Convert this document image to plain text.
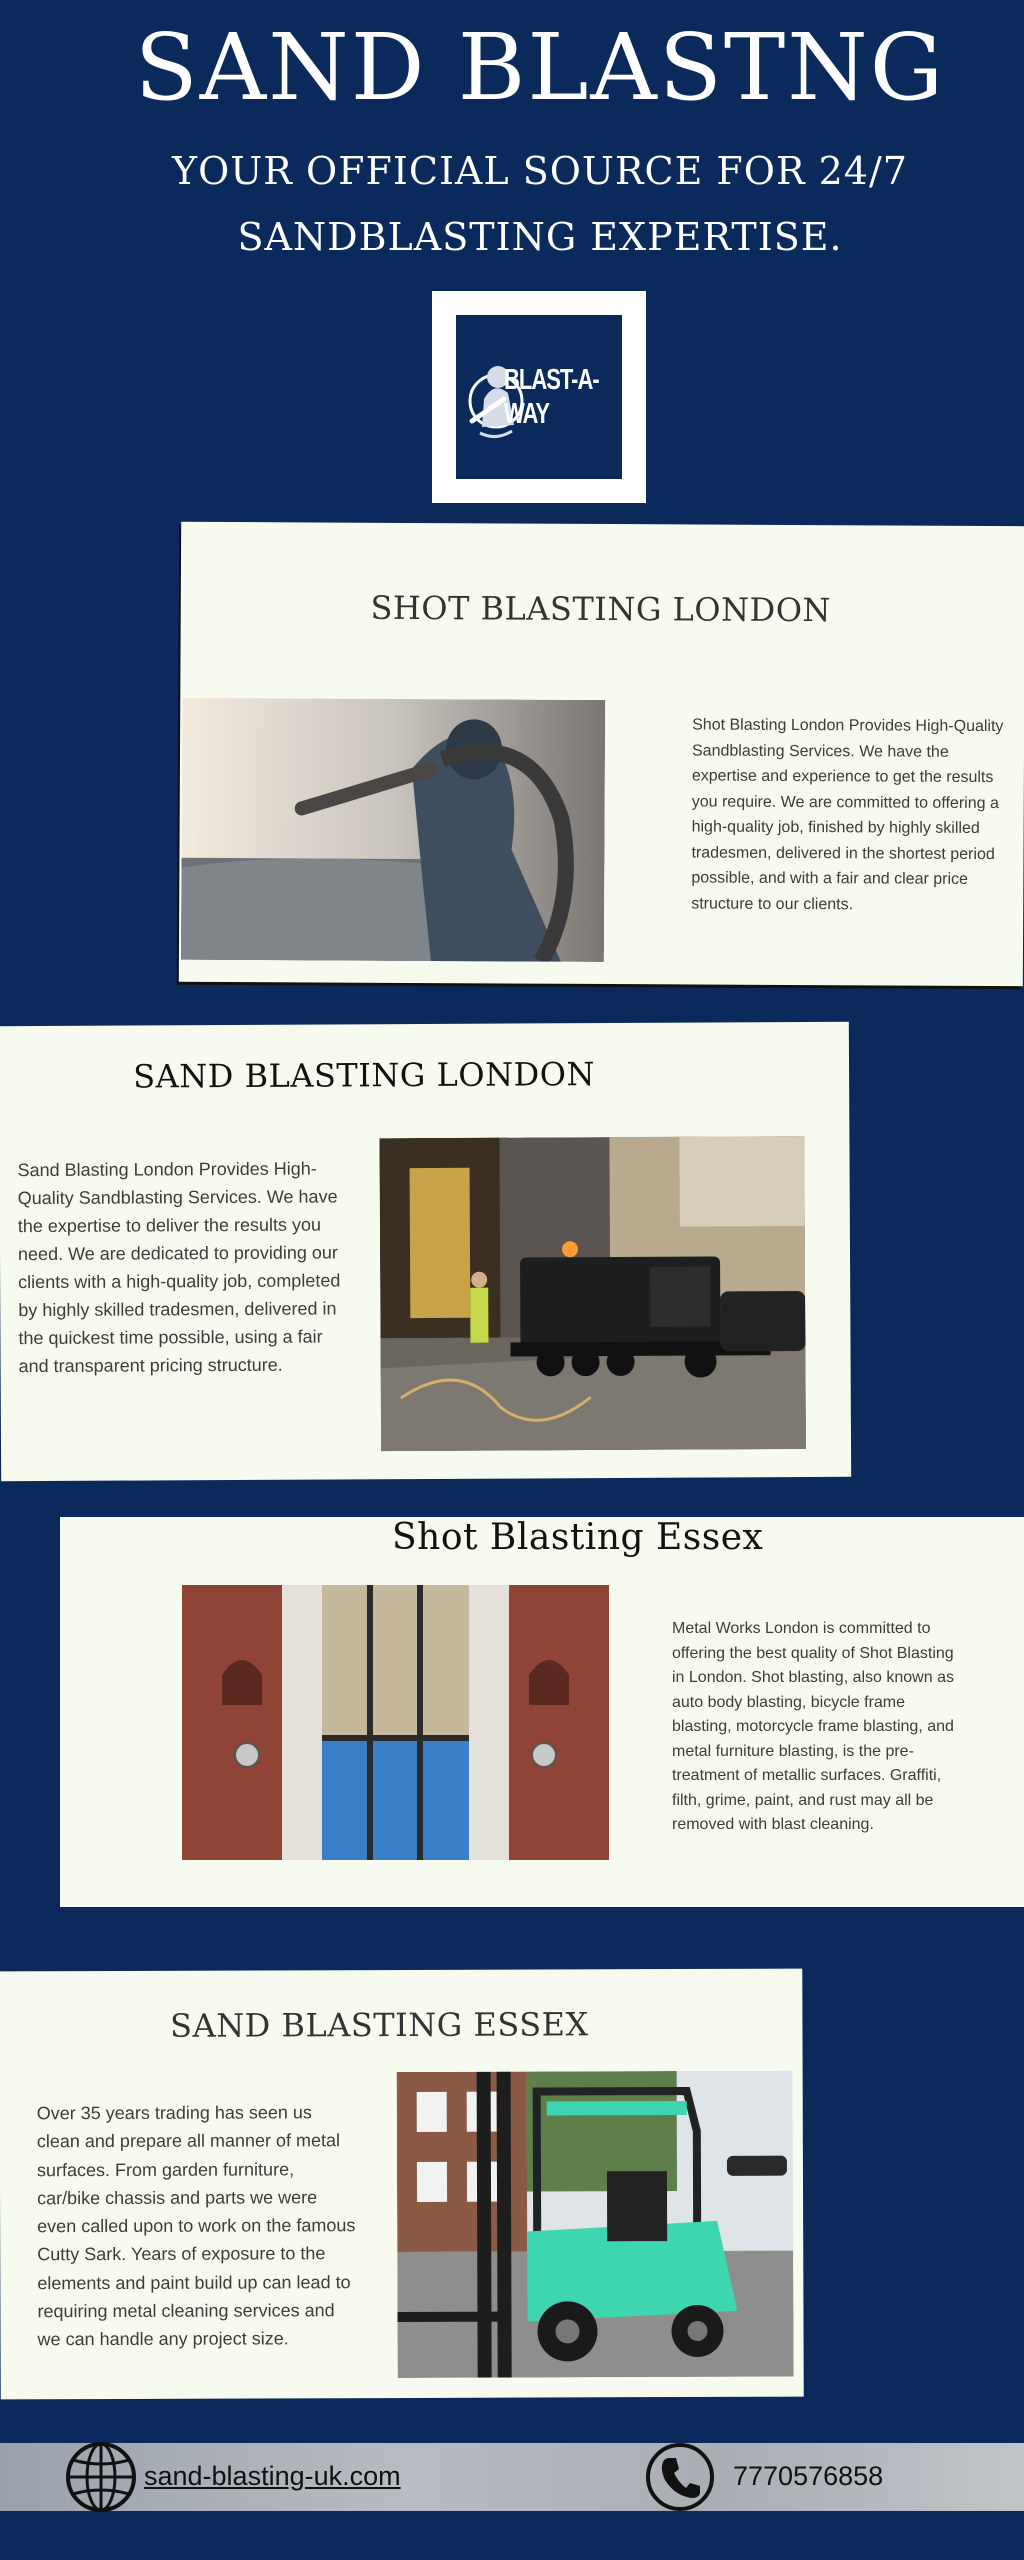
SAND BLASTNG
YOUR OFFICIAL SOURCE FOR 24/7
SANDBLASTING EXPERTISE.
BLAST-A-WAY
SHOT BLASTING LONDON
Shot Blasting London Provides High-Quality Sandblasting Services. We have the expertise and experience to get the results you require. We are committed to offering a high-quality job, finished by highly skilled tradesmen, delivered in the shortest period possible, and with a fair and clear price structure to our clients.
SAND BLASTING LONDON
Sand Blasting London Provides High-Quality Sandblasting Services. We have the expertise to deliver the results you need. We are dedicated to providing our clients with a high-quality job, completed by highly skilled tradesmen, delivered in the quickest time possible, using a fair and transparent pricing structure.
Shot Blasting Essex
Metal Works London is committed to offering the best quality of Shot Blasting in London. Shot blasting, also known as auto body blasting, bicycle frame blasting, motorcycle frame blasting, and metal furniture blasting, is the pre-treatment of metallic surfaces. Graffiti, filth, grime, paint, and rust may all be removed with blast cleaning.
SAND BLASTING ESSEX
Over 35 years trading has seen us clean and prepare all manner of metal surfaces. From garden furniture, car/bike chassis and parts we were even called upon to work on the famous Cutty Sark. Years of exposure to the elements and paint build up can lead to requiring metal cleaning services and we can handle any project size.
sand-blasting-uk.com	7770576858
